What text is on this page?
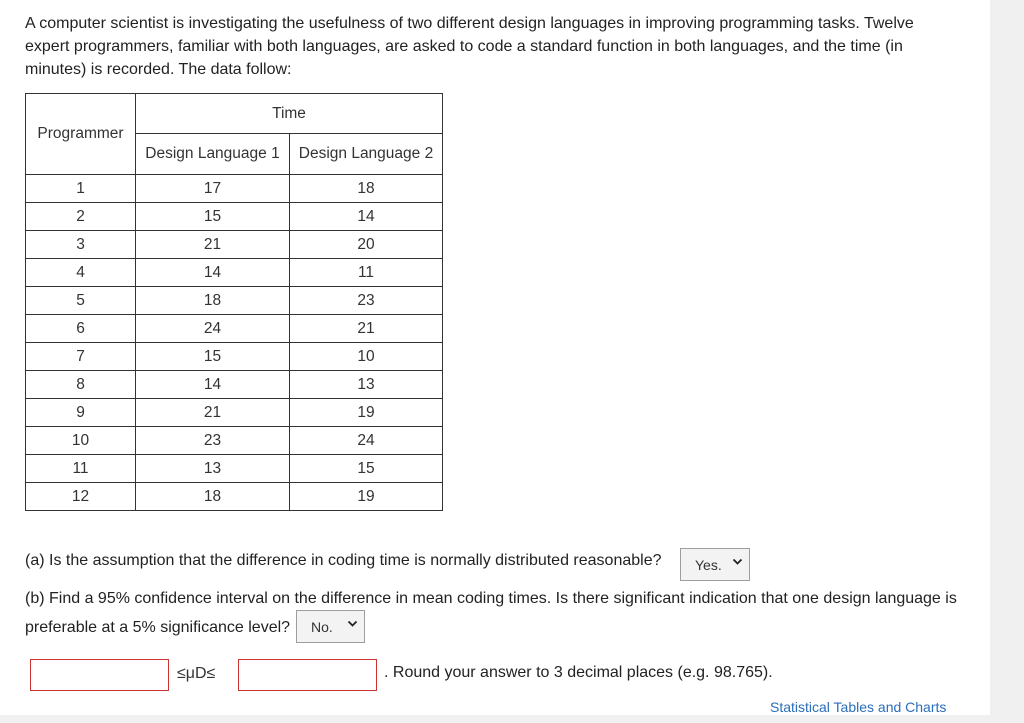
A computer scientist is investigating the usefulness of two different design languages in improving programming tasks. Twelve expert programmers, familiar with both languages, are asked to code a standard function in both languages, and the time (in minutes) is recorded. The data follow:
Programmer	Time	
	Design Language 1	Design Language 2
1	17	18
2	15	14
3	21	20
4	14	11
5	18	23
6	24	21
7	15	10
8	14	13
9	21	19
10	23	24
11	13	15
12	18	19
(a) Is the assumption that the difference in coding time is normally distributed reasonable? Yes.
(b) Find a 95% confidence interval on the difference in mean coding times. Is there significant indication that one design language is preferable at a 5% significance level?	No.
≤μD≤	. Round your answer to 3 decimal places (e.g. 98.765).
Statistical Tables and Charts
